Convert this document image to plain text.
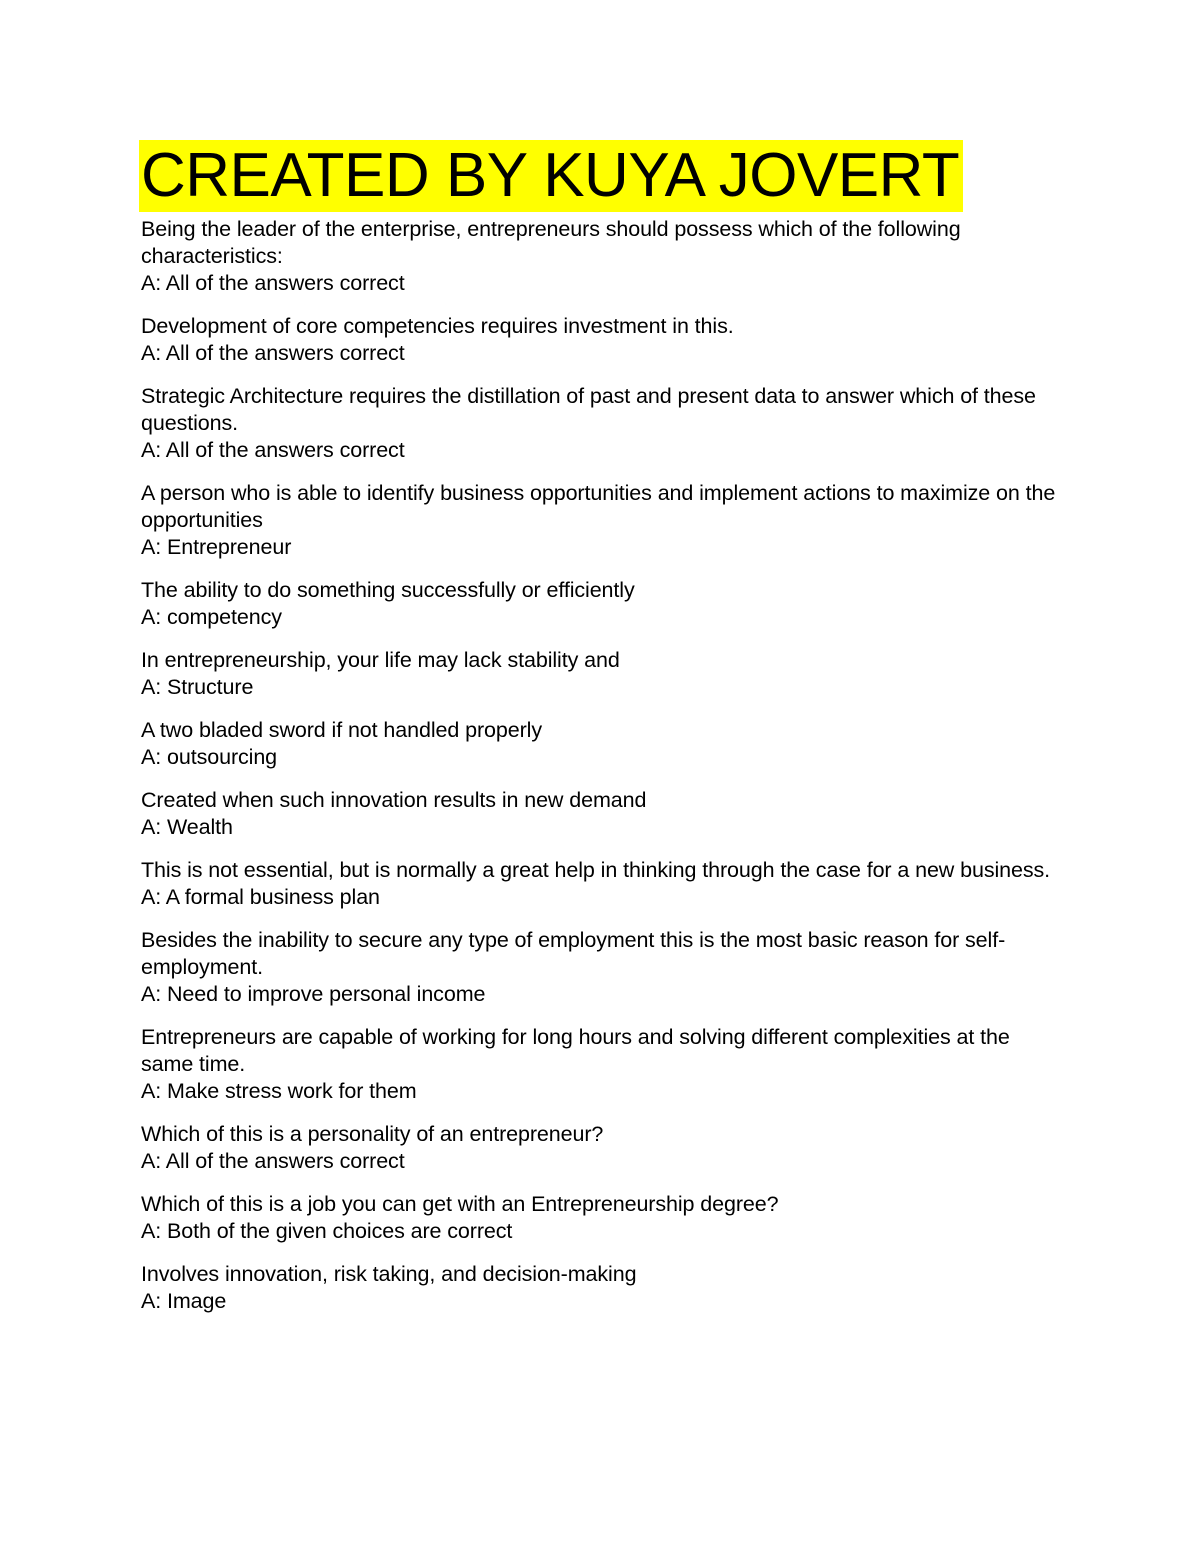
CREATED BY KUYA JOVERT
Being the leader of the enterprise, entrepreneurs should possess which of the following characteristics:
A: All of the answers correct
Development of core competencies requires investment in this.
A: All of the answers correct
Strategic Architecture requires the distillation of past and present data to answer which of these questions.
A: All of the answers correct
A person who is able to identify business opportunities and implement actions to maximize on the opportunities
A: Entrepreneur
The ability to do something successfully or efficiently
A: competency
In entrepreneurship, your life may lack stability and
A: Structure
A two bladed sword if not handled properly
A: outsourcing
Created when such innovation results in new demand
A: Wealth
This is not essential, but is normally a great help in thinking through the case for a new business.
A: A formal business plan
Besides the inability to secure any type of employment this is the most basic reason for self-employment.
A: Need to improve personal income
Entrepreneurs are capable of working for long hours and solving different complexities at the same time.
A: Make stress work for them
Which of this is a personality of an entrepreneur?
A: All of the answers correct
Which of this is a job you can get with an Entrepreneurship degree?
A: Both of the given choices are correct
Involves innovation, risk taking, and decision-making
A: Image
